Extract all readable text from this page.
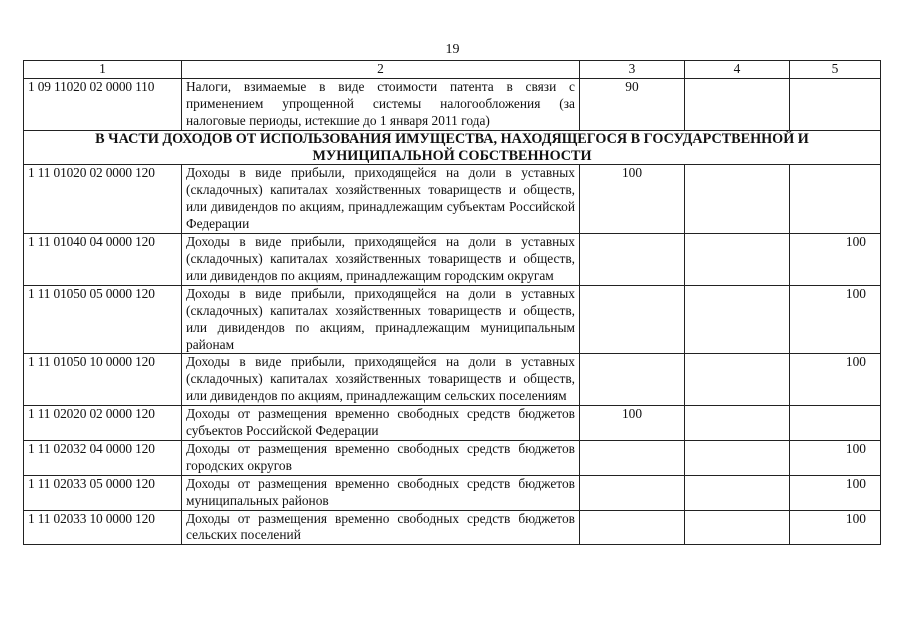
19
1	2	3	4	5
1 09 11020 02 0000 110	Налоги, взимаемые в виде стоимости патента в связи с применением упрощенной системы налогообложения (за налоговые периоды, истекшие до 1 января 2011 года)	90		
В ЧАСТИ ДОХОДОВ ОТ ИСПОЛЬЗОВАНИЯ ИМУЩЕСТВА, НАХОДЯЩЕГОСЯ В ГОСУДАРСТВЕННОЙ И МУНИЦИПАЛЬНОЙ СОБСТВЕННОСТИ				
1 11 01020 02 0000 120	Доходы в виде прибыли, приходящейся на доли в уставных (складочных) капиталах хозяйственных товариществ и обществ, или дивидендов по акциям, принадлежащим субъектам Российской Федерации	100		
1 11 01040 04 0000 120	Доходы в виде прибыли, приходящейся на доли в уставных (складочных) капиталах хозяйственных товариществ и обществ, или дивидендов по акциям, принадлежащим городским округам			100
1 11 01050 05 0000 120	Доходы в виде прибыли, приходящейся на доли в уставных (складочных) капиталах хозяйственных товариществ и обществ, или дивидендов по акциям, принадлежащим муниципальным районам			100
1 11 01050 10 0000 120	Доходы в виде прибыли, приходящейся на доли в уставных (складочных) капиталах хозяйственных товариществ и обществ, или дивидендов по акциям, принадлежащим сельских поселениям			100
1 11 02020 02 0000 120	Доходы от размещения временно свободных средств бюджетов субъектов Российской Федерации	100		
1 11 02032 04 0000 120	Доходы от размещения временно свободных средств бюджетов городских округов			100
1 11 02033 05 0000 120	Доходы от размещения временно свободных средств бюджетов муниципальных районов			100
1 11 02033 10 0000 120	Доходы от размещения временно свободных средств бюджетов сельских поселений			100
